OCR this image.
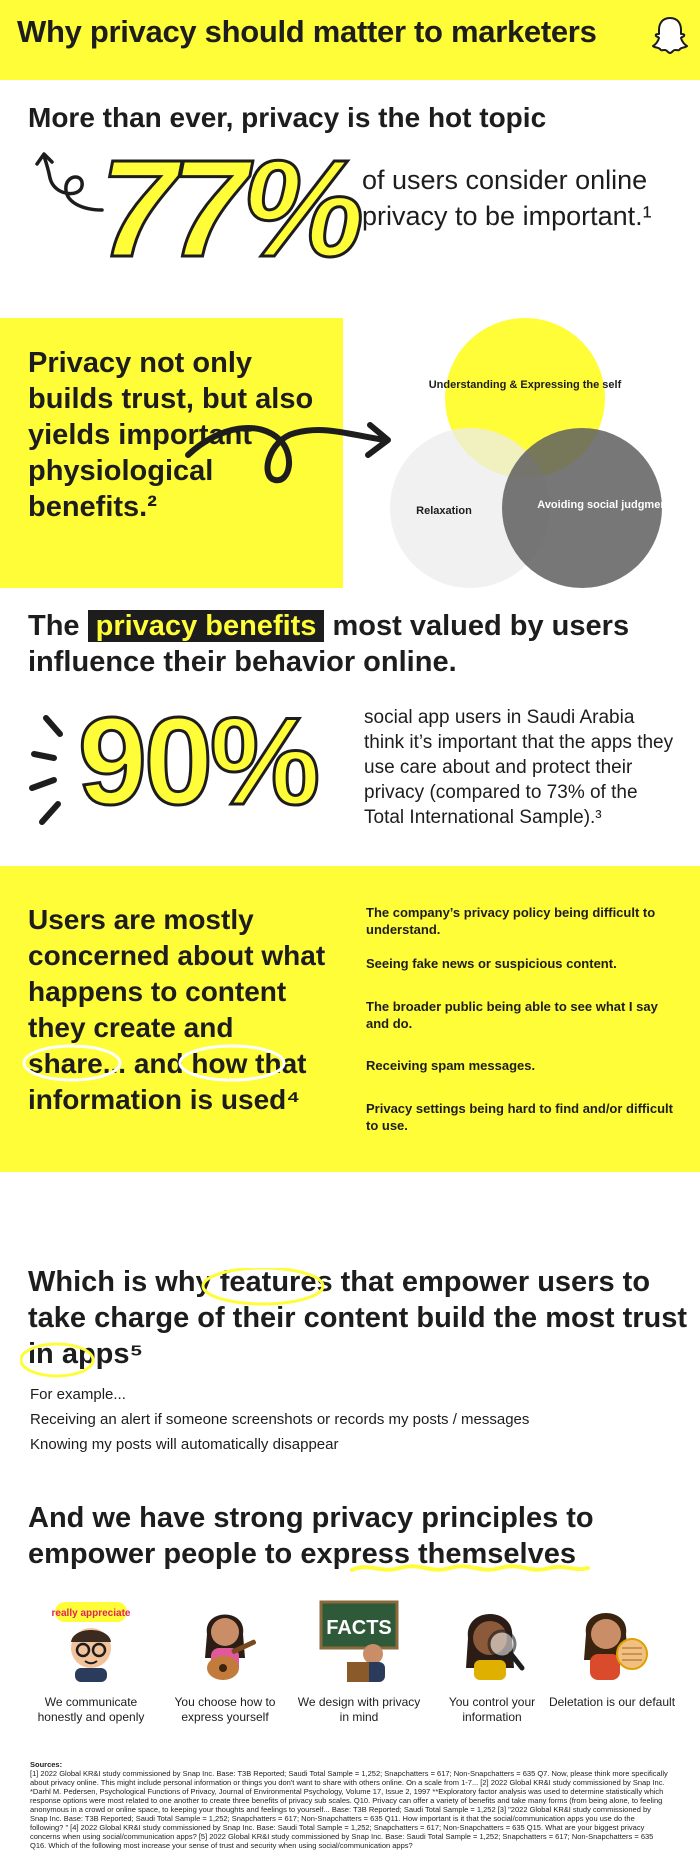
Why privacy should matter to marketers
More than ever, privacy is the hot topic
77% of users consider online privacy to be important.¹
Privacy not only builds trust, but also yields important physiological benefits.²
Understanding & Expressing the self
Relaxation	Avoiding social judgment
The privacy benefits most valued by users influence their behavior online.
90% social app users in Saudi Arabia think it’s important that the apps they use care about and protect their privacy (compared to 73% of the Total International Sample).³
Users are mostly concerned about what happens to content they create and share... and how that information is used⁴
The company’s privacy policy being difficult to understand.
Seeing fake news or suspicious content.
The broader public being able to see what I say and do.
Receiving spam messages.
Privacy settings being hard to find and/or difficult to use.
Which is why features that empower users to take charge of their content build the most trust in apps⁵
For example...
Receiving an alert if someone screenshots or records my posts / messages
Knowing my posts will automatically disappear
And we have strong privacy principles to empower people to express themselves
really appreciate
We communicate honestly and openly
You choose how to express yourself
FACTS
We design with privacy in mind
You control your information
Deletation is our default
Sources:
[1] 2022 Global KR&I study commissioned by Snap Inc. Base: T3B Reported; Saudi Total Sample = 1,252; Snapchatters = 617; Non-Snapchatters = 635 Q7. Now, please think more specifically about privacy online. This might include personal information or things you don't want to share with others online. On a scale from 1-7... [2] 2022 Global KR&I study commissioned by Snap Inc. *Darhl M. Pedersen, Psychological Functions of Privacy, Journal of Environmental Psychology, Volume 17, Issue 2, 1997 **Exploratory factor analysis was used to determine statistically which response options were most related to one another to create three benefits of privacy sub scales. Q10. Privacy can offer a variety of benefits and take many forms (from being alone, to feeling anonymous in a crowd or online space, to keeping your thoughts and feelings to yourself... Base: T3B Reported; Saudi Total Sample = 1,252 [3] "2022 Global KR&I study commissioned by Snap Inc. Base: T3B Reported; Saudi Total Sample = 1,252; Snapchatters = 617; Non-Snapchatters = 635 Q11. How important is it that the social/communication apps you use do the following? " [4] 2022 Global KR&I study commissioned by Snap Inc. Base: Saudi Total Sample = 1,252; Snapchatters = 617; Non-Snapchatters = 635 Q15. What are your biggest privacy concerns when using social/communication apps? [5] 2022 Global KR&I study commissioned by Snap Inc. Base: Saudi Total Sample = 1,252; Snapchatters = 617; Non-Snapchatters = 635 Q16. Which of the following most increase your sense of trust and security when using social/communication apps?
